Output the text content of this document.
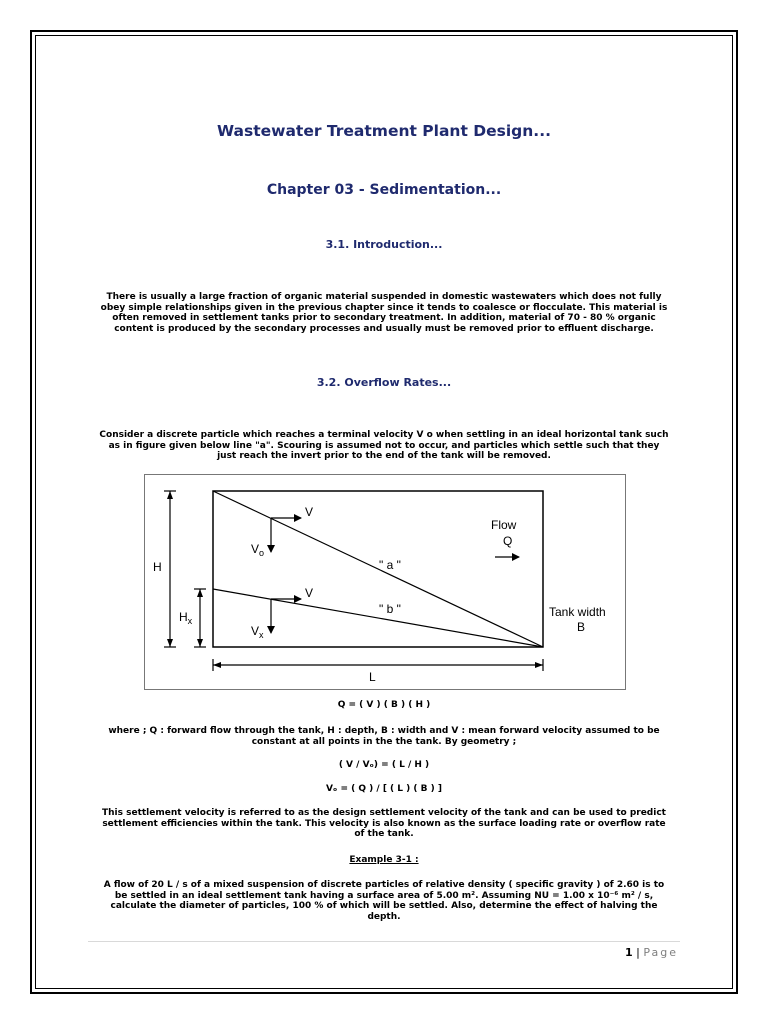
Wastewater Treatment Plant Design...
Chapter 03 - Sedimentation...
3.1. Introduction...
There is usually a large fraction of organic material suspended in domestic wastewaters which does not fully
obey simple relationships given in the previous chapter since it tends to coalesce or flocculate. This material is
often removed in settlement tanks prior to secondary treatment. In addition, material of 70 - 80 % organic
content is produced by the secondary processes and usually must be removed prior to effluent discharge.
3.2. Overflow Rates...
Consider a discrete particle which reaches a terminal velocity V o when settling in an ideal horizontal tank such
as in figure given below line "a". Scouring is assumed not to occur, and particles which settle such that they
just reach the invert prior to the end of the tank will be removed.
Q = ( V ) ( B ) ( H )
where ; Q : forward flow through the tank, H : depth, B : width and V : mean forward velocity assumed to be
constant at all points in the the tank. By geometry ;
( V / Vₒ) = ( L / H )
Vₒ = ( Q ) / [ ( L ) ( B ) ]
This settlement velocity is referred to as the design settlement velocity of the tank and can be used to predict
settlement efficiencies within the tank. This velocity is also known as the surface loading rate or overflow rate
of the tank.
Example 3-1 :
A flow of 20 L / s of a mixed suspension of discrete particles of relative density ( specific gravity ) of 2.60 is to
be settled in an ideal settlement tank having a surface area of 5.00 m². Assuming NU = 1.00 x 10⁻⁶ m² / s,
calculate the diameter of particles, 100 % of which will be settled. Also, determine the effect of halving the
depth.
H
$H_x$
L
V
$V_o$
V
$V_x$
" a "
" b "
Flow
Q
Tank width
B
1 | Page
